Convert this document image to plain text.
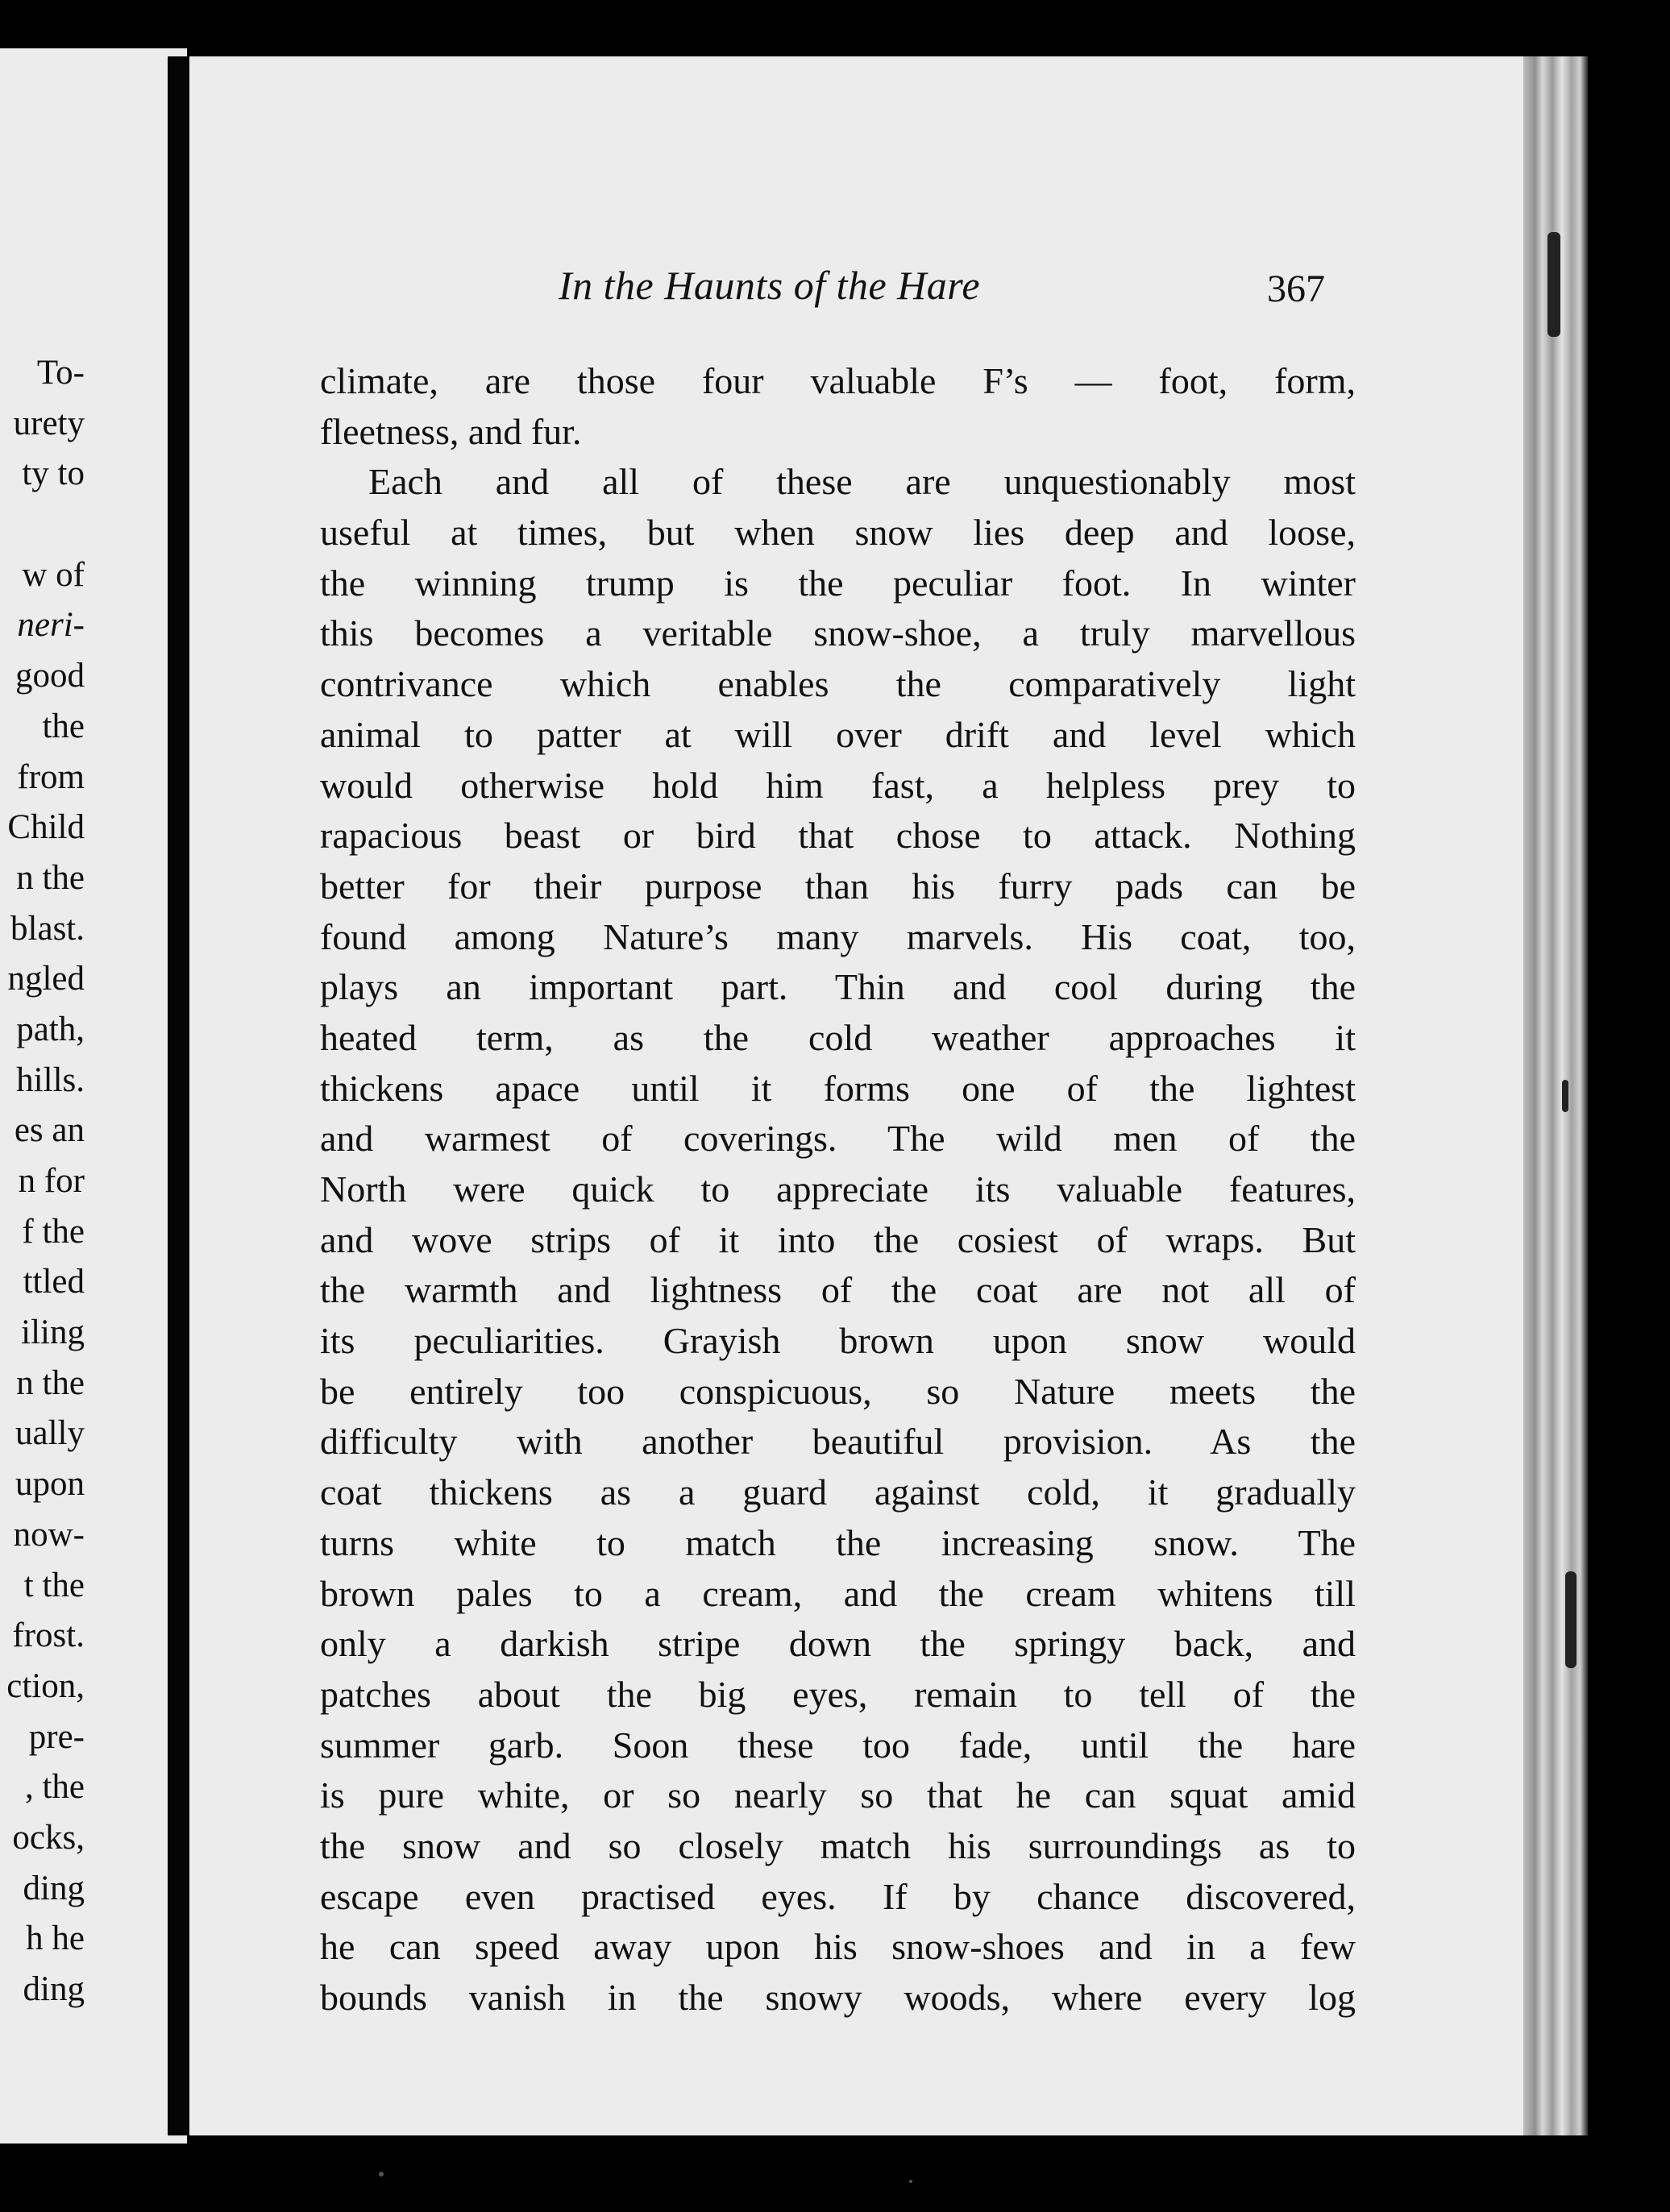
To-
urety
ty to
w of
neri-
good
the
from
Child
n the
blast.
ngled
path,
hills.
es an
n for
f the
ttled
iling
n the
ually
upon
now-
t the
frost.
ction,
pre-
, the
ocks,
ding
h he
ding
In the Haunts of the Hare	367
climate, are those four valuable F’s — foot, form,
fleetness, and fur.
Each and all of these are unquestionably most
useful at times, but when snow lies deep and loose,
the winning trump is the peculiar foot. In winter
this becomes a veritable snow-shoe, a truly marvellous
contrivance which enables the comparatively light
animal to patter at will over drift and level which
would otherwise hold him fast, a helpless prey to
rapacious beast or bird that chose to attack. Nothing
better for their purpose than his furry pads can be
found among Nature’s many marvels. His coat, too,
plays an important part. Thin and cool during the
heated term, as the cold weather approaches it
thickens apace until it forms one of the lightest
and warmest of coverings. The wild men of the
North were quick to appreciate its valuable features,
and wove strips of it into the cosiest of wraps. But
the warmth and lightness of the coat are not all of
its peculiarities. Grayish brown upon snow would
be entirely too conspicuous, so Nature meets the
difficulty with another beautiful provision. As the
coat thickens as a guard against cold, it gradually
turns white to match the increasing snow. The
brown pales to a cream, and the cream whitens till
only a darkish stripe down the springy back, and
patches about the big eyes, remain to tell of the
summer garb. Soon these too fade, until the hare
is pure white, or so nearly so that he can squat amid
the snow and so closely match his surroundings as to
escape even practised eyes. If by chance discovered,
he can speed away upon his snow-shoes and in a few
bounds vanish in the snowy woods, where every log
